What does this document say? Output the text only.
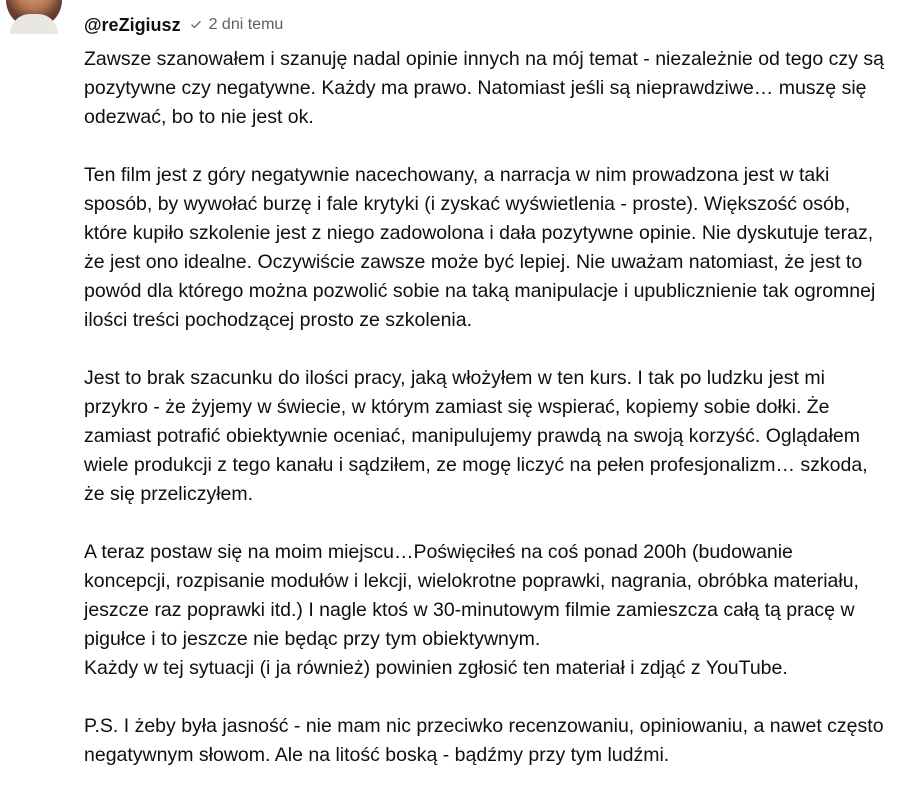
@reZigiusz 2 dni temu

Zawsze szanowałem i szanuję nadal opinie innych na mój temat - niezależnie od tego czy są pozytywne czy negatywne. Każdy ma prawo. Natomiast jeśli są nieprawdziwe… muszę się odezwać, bo to nie jest ok.

Ten film jest z góry negatywnie nacechowany, a narracja w nim prowadzona jest w taki sposób, by wywołać burzę i fale krytyki (i zyskać wyświetlenia - proste). Większość osób, które kupiło szkolenie jest z niego zadowolona i dała pozytywne opinie. Nie dyskutuje teraz, że jest ono idealne. Oczywiście zawsze może być lepiej. Nie uważam natomiast, że jest to powód dla którego można pozwolić sobie na taką manipulacje i upublicznienie tak ogromnej ilości treści pochodzącej prosto ze szkolenia.

Jest to brak szacunku do ilości pracy, jaką włożyłem w ten kurs. I tak po ludzku jest mi przykro - że żyjemy w świecie, w którym zamiast się wspierać, kopiemy sobie dołki. Że zamiast potrafić obiektywnie oceniać, manipulujemy prawdą na swoją korzyść. Oglądałem wiele produkcji z tego kanału i sądziłem, ze mogę liczyć na pełen profesjonalizm… szkoda, że się przeliczyłem.

A teraz postaw się na moim miejscu…Poświęciłeś na coś ponad 200h (budowanie koncepcji, rozpisanie modułów i lekcji, wielokrotne poprawki, nagrania, obróbka materiału, jeszcze raz poprawki itd.) I nagle ktoś w 30-minutowym filmie zamieszcza całą tą pracę w pigułce i to jeszcze nie będąc przy tym obiektywnym.
Każdy w tej sytuacji (i ja również) powinien zgłosić ten materiał i zdjąć z YouTube.

P.S. I żeby była jasność - nie mam nic przeciwko recenzowaniu, opiniowaniu, a nawet często negatywnym słowom. Ale na litość boską - bądźmy przy tym ludźmi.
